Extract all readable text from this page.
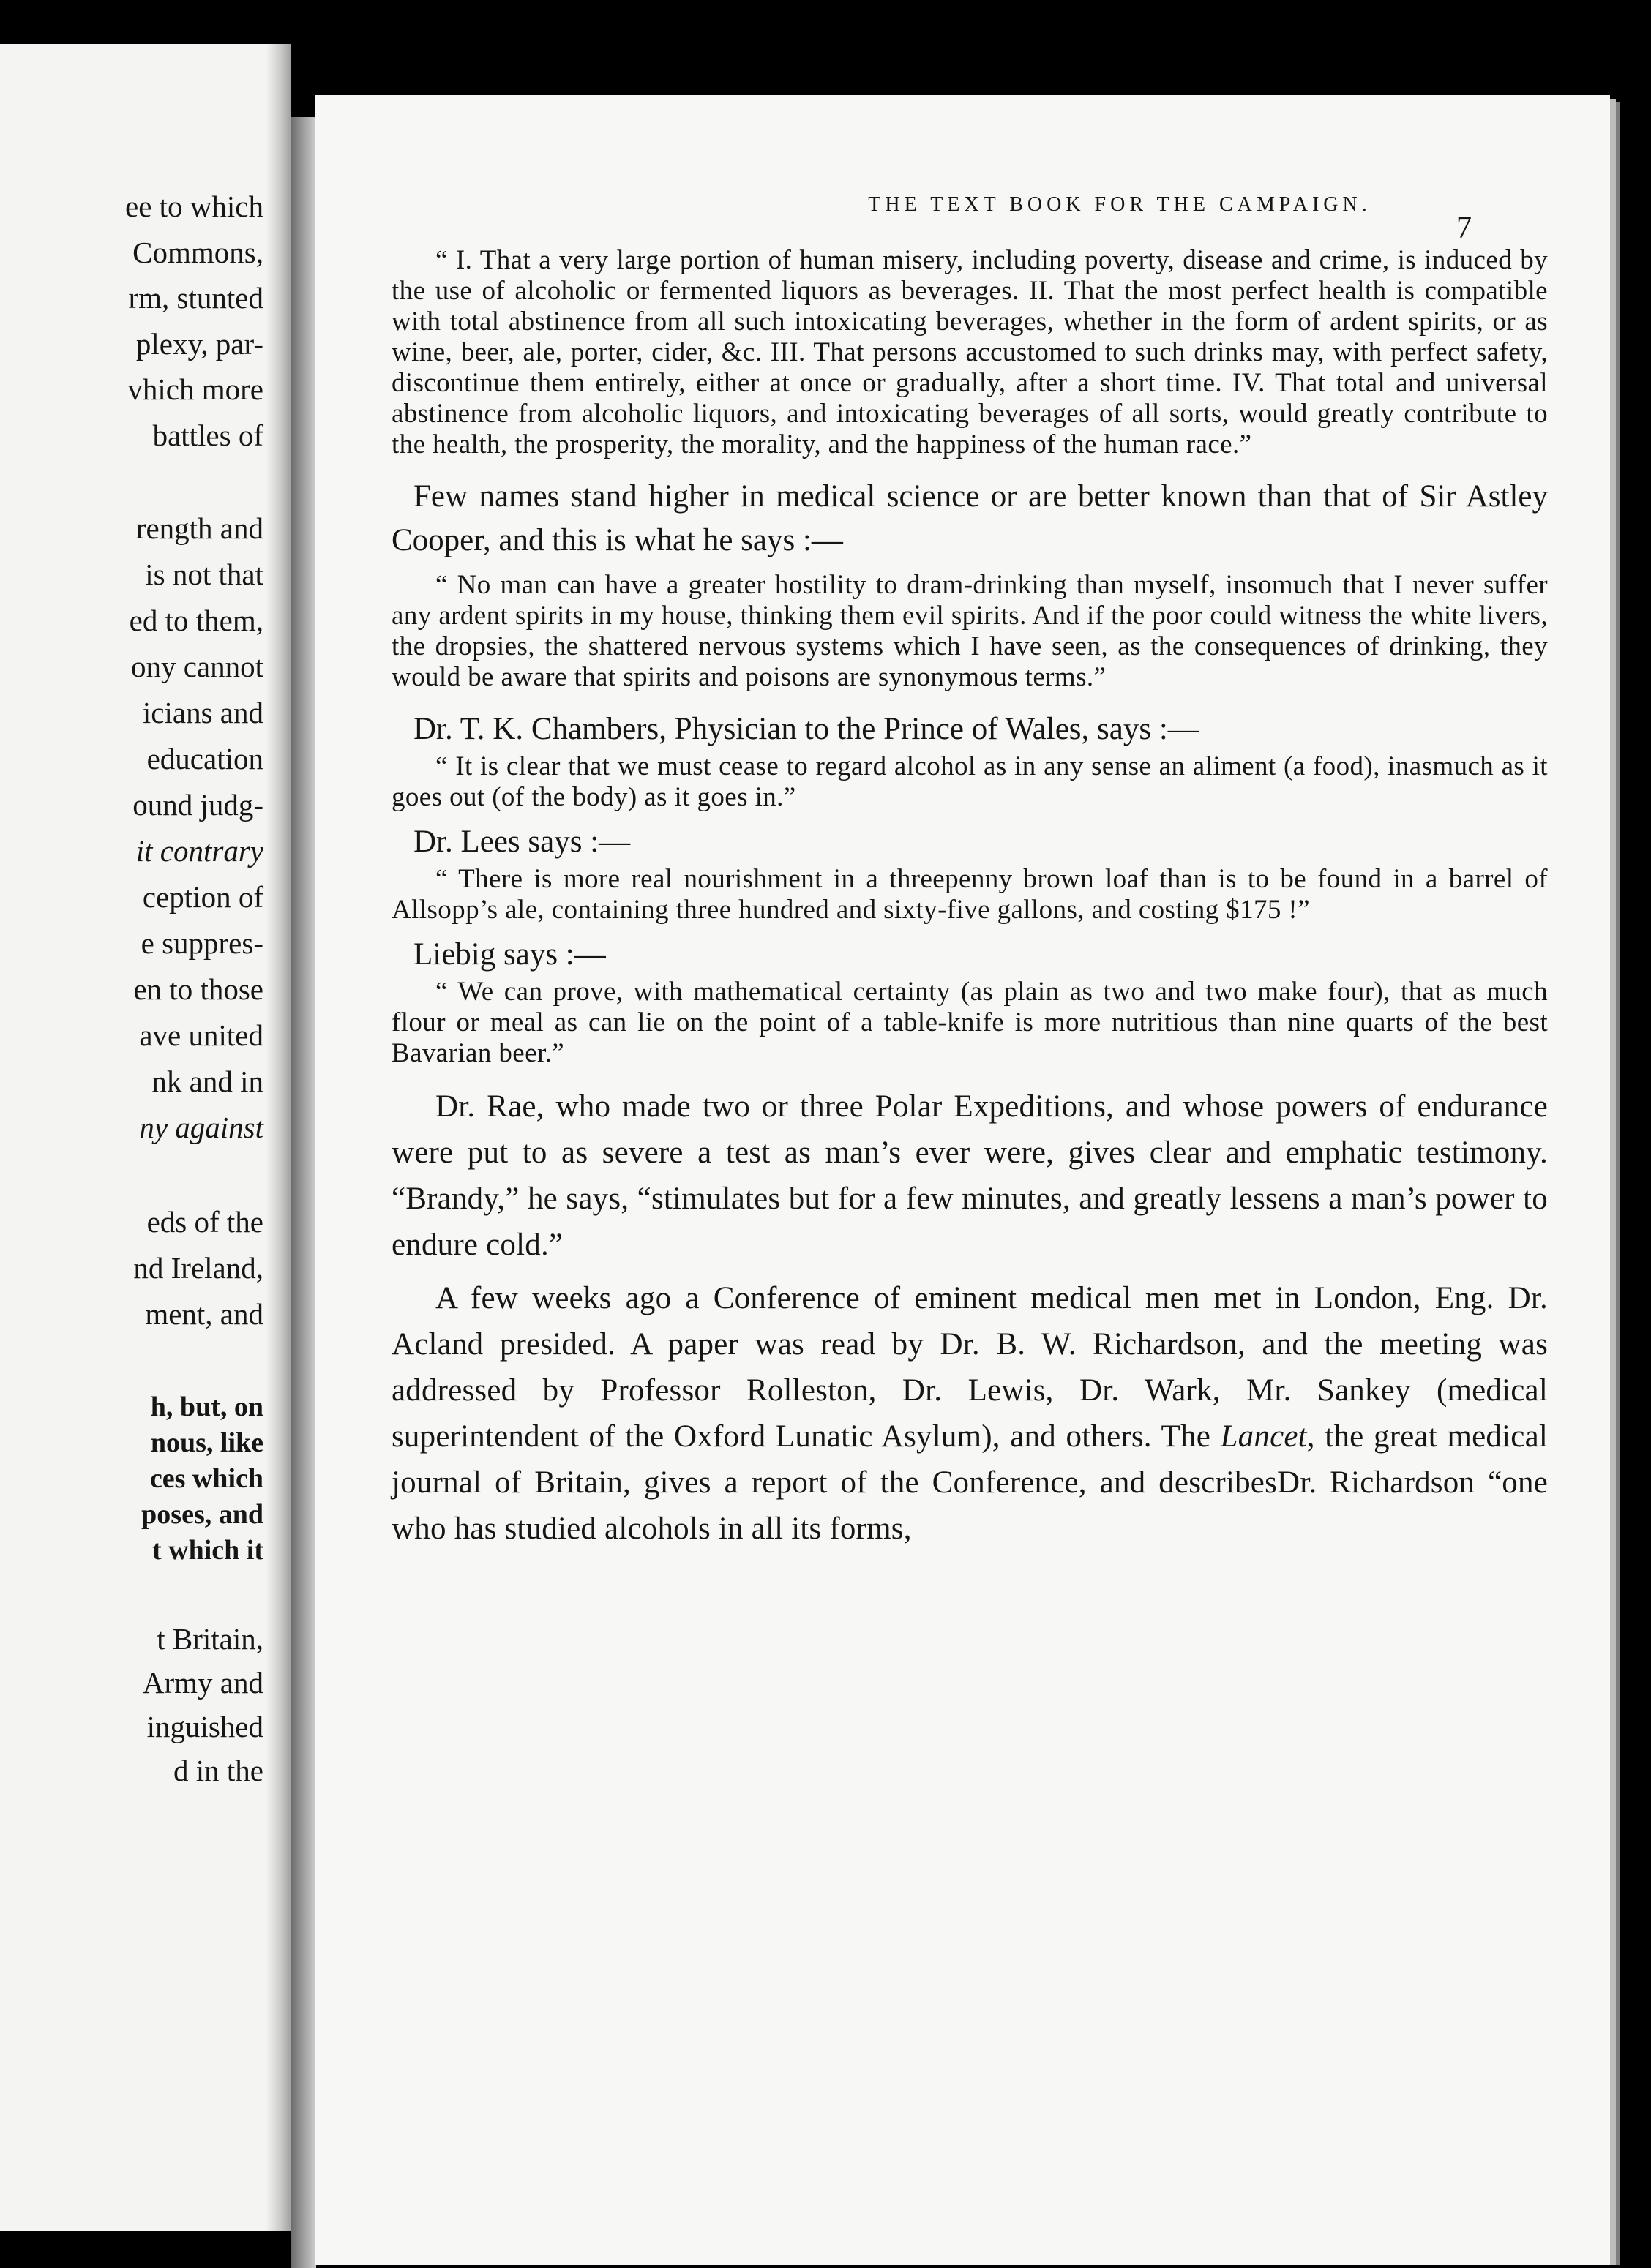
ee to which
Commons,
rm, stunted
plexy, par-
vhich more
battles of
rength and
is not that
ed to them,
ony cannot
icians and
education
ound judg-
it contrary
ception of
e suppres-
en to those
ave united
nk and in
ny against
eds of the
nd Ireland,
ment, and
h, but, on
nous, like
ces which
poses, and
t which it
t Britain,
Army and
inguished
d in the
THE TEXT BOOK FOR THE CAMPAIGN.
7

“ I. That a very large portion of human misery, including poverty, disease and crime, is induced by the use of alcoholic or fermented liquors as beverages. II. That the most perfect health is compatible with total abstinence from all such intoxicating beverages, whether in the form of ardent spirits, or as wine, beer, ale, porter, cider, &c. III. That persons accustomed to such drinks may, with perfect safety, discontinue them entirely, either at once or gradually, after a short time. IV. That total and universal abstinence from alcoholic liquors, and intoxicating beverages of all sorts, would greatly contribute to the health, the prosperity, the morality, and the happiness of the human race.”

Few names stand higher in medical science or are better known than that of Sir Astley Cooper, and this is what he says :—

“ No man can have a greater hostility to dram-drinking than myself, insomuch that I never suffer any ardent spirits in my house, thinking them evil spirits. And if the poor could witness the white livers, the dropsies, the shattered nervous systems which I have seen, as the consequences of drinking, they would be aware that spirits and poisons are synonymous terms.”

Dr. T. K. Chambers, Physician to the Prince of Wales, says :—

“ It is clear that we must cease to regard alcohol as in any sense an aliment (a food), inasmuch as it goes out (of the body) as it goes in.”

Dr. Lees says :—

“ There is more real nourishment in a threepenny brown loaf than is to be found in a barrel of Allsopp’s ale, containing three hundred and sixty-five gallons, and costing $175 !”

Liebig says :—

“ We can prove, with mathematical certainty (as plain as two and two make four), that as much flour or meal as can lie on the point of a table-knife is more nutritious than nine quarts of the best Bavarian beer.”

Dr. Rae, who made two or three Polar Expeditions, and whose powers of endurance were put to as severe a test as man’s ever were, gives clear and emphatic testimony. “Brandy,” he says, “stimulates but for a few minutes, and greatly lessens a man’s power to endure cold.”

A few weeks ago a Conference of eminent medical men met in London, Eng. Dr. Acland presided. A paper was read by Dr. B. W. Richardson, and the meeting was addressed by Professor Rolleston, Dr. Lewis, Dr. Wark, Mr. Sankey (medical superintendent of the Oxford Lunatic Asylum), and others. The Lancet, the great medical journal of Britain, gives a report of the Conference, and describesDr. Richardson “one who has studied alcohols in all its forms,
